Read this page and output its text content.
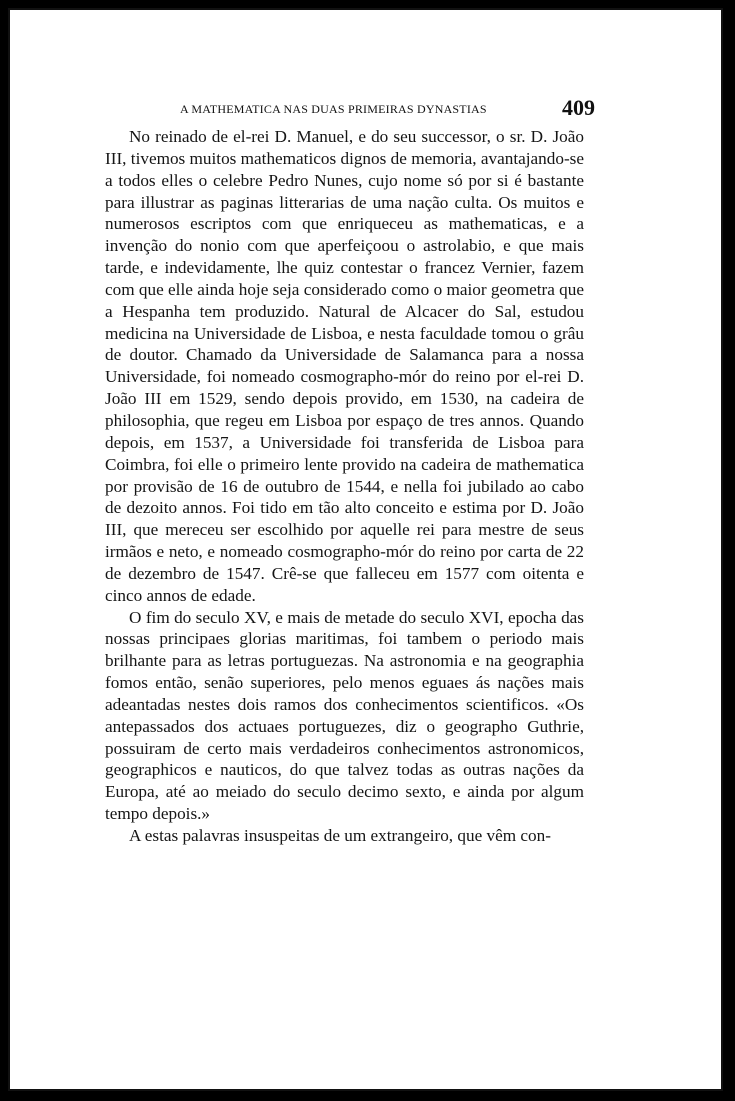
A MATHEMATICA NAS DUAS PRIMEIRAS DYNASTIAS	409

No reinado de el-rei D. Manuel, e do seu successor, o sr. D. João III, tivemos muitos mathematicos dignos de memoria, avantajando-se a todos elles o celebre Pedro Nunes, cujo nome só por si é bastante para illustrar as paginas litterarias de uma nação culta. Os muitos e numerosos escriptos com que enriqueceu as mathematicas, e a invenção do nonio com que aperfeiçoou o astrolabio, e que mais tarde, e indevidamente, lhe quiz contestar o francez Vernier, fazem com que elle ainda hoje seja considerado como o maior geometra que a Hespanha tem produzido. Natural de Alcacer do Sal, estudou medicina na Universidade de Lisboa, e nesta faculdade tomou o grâu de doutor. Chamado da Universidade de Salamanca para a nossa Universidade, foi nomeado cosmographo-mór do reino por el-rei D. João III em 1529, sendo depois provido, em 1530, na cadeira de philosophia, que regeu em Lisboa por espaço de tres annos. Quando depois, em 1537, a Universidade foi transferida de Lisboa para Coimbra, foi elle o primeiro lente provido na cadeira de mathematica por provisão de 16 de outubro de 1544, e nella foi jubilado ao cabo de dezoito annos. Foi tido em tão alto conceito e estima por D. João III, que mereceu ser escolhido por aquelle rei para mestre de seus irmãos e neto, e nomeado cosmographo-mór do reino por carta de 22 de dezembro de 1547. Crê-se que falleceu em 1577 com oitenta e cinco annos de edade.

O fim do seculo XV, e mais de metade do seculo XVI, epocha das nossas principaes glorias maritimas, foi tambem o periodo mais brilhante para as letras portuguezas. Na astronomia e na geographia fomos então, senão superiores, pelo menos eguaes ás nações mais adeantadas nestes dois ramos dos conhecimentos scientificos. «Os antepassados dos actuaes portuguezes, diz o geographo Guthrie, possuiram de certo mais verdadeiros conhecimentos astronomicos, geographicos e nauticos, do que talvez todas as outras nações da Europa, até ao meiado do seculo decimo sexto, e ainda por algum tempo depois.»

A estas palavras insuspeitas de um extrangeiro, que vêm con-
